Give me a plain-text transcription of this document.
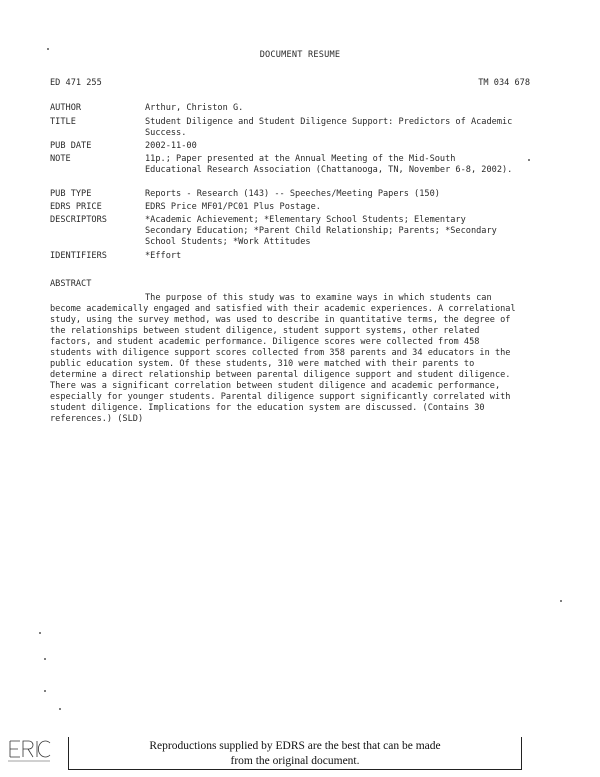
DOCUMENT RESUME
ED 471 255	TM 034 678
AUTHOR	Arthur, Christon G.
TITLE	Student Diligence and Student Diligence Support: Predictors of Academic Success.
PUB DATE	2002-11-00
NOTE	11p.; Paper presented at the Annual Meeting of the Mid-South Educational Research Association (Chattanooga, TN, November 6-8, 2002).
PUB TYPE	Reports - Research (143) -- Speeches/Meeting Papers (150)
EDRS PRICE	EDRS Price MF01/PC01 Plus Postage.
DESCRIPTORS	*Academic Achievement; *Elementary School Students; Elementary Secondary Education; *Parent Child Relationship; Parents; *Secondary School Students; *Work Attitudes
IDENTIFIERS	*Effort
ABSTRACT
The purpose of this study was to examine ways in which students can become academically engaged and satisfied with their academic experiences. A correlational study, using the survey method, was used to describe in quantitative terms, the degree of the relationships between student diligence, student support systems, other related factors, and student academic performance. Diligence scores were collected from 458 students with diligence support scores collected from 358 parents and 34 educators in the public education system. Of these students, 310 were matched with their parents to determine a direct relationship between parental diligence support and student diligence. There was a significant correlation between student diligence and academic performance, especially for younger students. Parental diligence support significantly correlated with student diligence. Implications for the education system are discussed. (Contains 30 references.) (SLD)
Reproductions supplied by EDRS are the best that can be made
from the original document.
